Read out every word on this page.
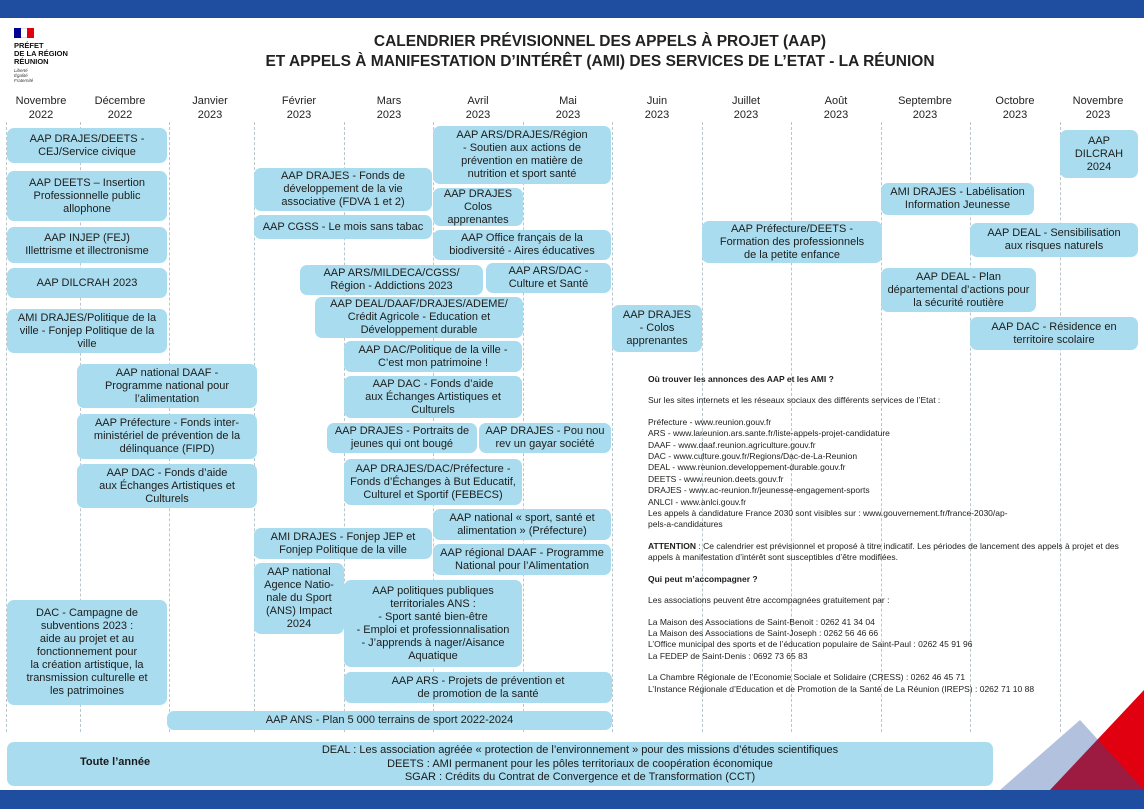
PRÉFET
DE LA RÉGION
RÉUNION
Liberté
Égalité
Fraternité
CALENDRIER PRÉVISIONNEL DES APPELS À PROJET (AAP)
ET APPELS À MANIFESTATION D’INTÉRÊT (AMI) DES SERVICES DE L’ETAT - LA RÉUNION
Novembre
2022
Décembre
2022
Janvier
2023
Février
2023
Mars
2023
Avril
2023
Mai
2023
Juin
2023
Juillet
2023
Août
2023
Septembre
2023
Octobre
2023
Novembre
2023
AAP DRAJES/DEETS -
CEJ/Service civique
AAP DEETS – Insertion
Professionnelle public
allophone
AAP INJEP (FEJ)
Illettrisme et illectronisme
AAP DILCRAH 2023
AMI DRAJES/Politique de la
ville - Fonjep Politique de la
ville
AAP national DAAF -
Programme national pour
l’alimentation
AAP Préfecture - Fonds inter-
ministériel de prévention de la
délinquance (FIPD)
AAP DAC - Fonds d’aide
aux Échanges Artistiques et
Culturels
DAC - Campagne de
subventions 2023 :
aide au projet et au
fonctionnement pour
la création artistique, la
transmission culturelle et
les patrimoines
AAP DRAJES - Fonds de
développement de la vie
associative (FDVA 1 et 2)
AAP CGSS - Le mois sans tabac
AAP ARS/MILDECA/CGSS/
Région - Addictions 2023
AAP DEAL/DAAF/DRAJES/ADEME/
Crédit Agricole - Education et
Développement durable
AAP DAC/Politique de la ville -
C’est mon patrimoine !
AAP DAC - Fonds d’aide
aux Échanges Artistiques et
Culturels
AAP DRAJES - Portraits de
jeunes qui ont bougé
AAP DRAJES/DAC/Préfecture -
Fonds d’Échanges à But Educatif,
Culturel et Sportif (FEBECS)
AMI DRAJES - Fonjep JEP et
Fonjep Politique de la ville
AAP national
Agence Natio-
nale du Sport
(ANS) Impact
2024
AAP politiques publiques
territoriales ANS :
- Sport santé bien-être
- Emploi et professionnalisation
- J’apprends à nager/Aisance
Aquatique
AAP ARS - Projets de prévention et
de promotion de la santé
AAP ANS - Plan 5 000 terrains de sport 2022-2024
AAP ARS/DRAJES/Région
- Soutien aux actions de
prévention en matière de
nutrition et sport santé
AAP DRAJES
Colos apprenantes
AAP Office français de la
biodiversité - Aires éducatives
AAP ARS/DAC -
Culture et Santé
AAP DRAJES - Pou nou
rev un gayar société
AAP national « sport, santé et
alimentation » (Préfecture)
AAP régional DAAF - Programme
National pour l’Alimentation
AAP DRAJES
- Colos
apprenantes
AAP Préfecture/DEETS -
Formation des professionnels
de la petite enfance
AMI DRAJES - Labélisation
Information Jeunesse
AAP DEAL - Plan
départemental d’actions pour
la sécurité routière
AAP DILCRAH
2024
AAP DEAL - Sensibilisation
aux risques naturels
AAP DAC - Résidence en
territoire scolaire

Où trouver les annonces des AAP et les AMI ?

Sur les sites internets et les réseaux sociaux des différents services de l’Etat :

Préfecture - www.reunion.gouv.fr
ARS - www.lareunion.ars.sante.fr/liste-appels-projet-candidature
DAAF - www.daaf.reunion.agriculture.gouv.fr
DAC - www.culture.gouv.fr/Regions/Dac-de-La-Reunion
DEAL - www.reunion.developpement-durable.gouv.fr
DEETS - www.reunion.deets.gouv.fr
DRAJES - www.ac-reunion.fr/jeunesse-engagement-sports
ANLCI - www.anlci.gouv.fr
Les appels à candidature France 2030 sont visibles sur : www.gouvernement.fr/france-2030/ap-
pels-a-candidatures

ATTENTION : Ce calendrier est prévisionnel et proposé à titre indicatif. Les périodes de lancement des appels à projet et des appels à manifestation d’intérêt sont susceptibles d’être modifiées.

Qui peut m’accompagner ?

Les associations peuvent être accompagnées gratuitement par :

La Maison des Associations de Saint-Benoit : 0262 41 34 04
La Maison des Associations de Saint-Joseph : 0262 56 46 66
L’Office municipal des sports et de l’éducation populaire de Saint-Paul : 0262 45 91 96
La FEDEP de Saint-Denis : 0692 73 65 83

La Chambre Régionale de l’Economie Sociale et Solidaire (CRESS) : 0262 46 45 71
L’Instance Régionale d’Education et de Promotion de la Santé de La Réunion (IREPS) : 0262 71 10 88

Toute l’année
DEAL : Les association agréée « protection de l’environnement » pour des missions d’études scientifiques
DEETS : AMI permanent pour les pôles territoriaux de coopération économique
SGAR : Crédits du Contrat de Convergence et de Transformation (CCT)
